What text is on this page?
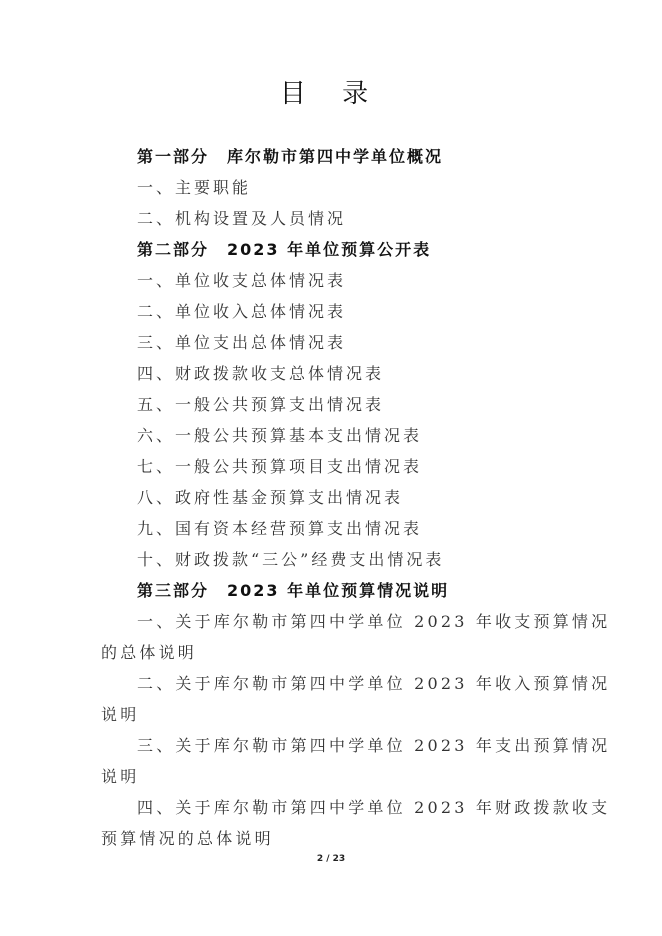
目 录
第一部分　库尔勒市第四中学单位概况
一、主要职能
二、机构设置及人员情况
第二部分　2023 年单位预算公开表
一、单位收支总体情况表
二、单位收入总体情况表
三、单位支出总体情况表
四、财政拨款收支总体情况表
五、一般公共预算支出情况表
六、一般公共预算基本支出情况表
七、一般公共预算项目支出情况表
八、政府性基金预算支出情况表
九、国有资本经营预算支出情况表
十、财政拨款“三公”经费支出情况表
第三部分　2023 年单位预算情况说明
一、关于库尔勒市第四中学单位 2023 年收支预算情况
的总体说明
二、关于库尔勒市第四中学单位 2023 年收入预算情况
说明
三、关于库尔勒市第四中学单位 2023 年支出预算情况
说明
四、关于库尔勒市第四中学单位 2023 年财政拨款收支
预算情况的总体说明
2 / 23
